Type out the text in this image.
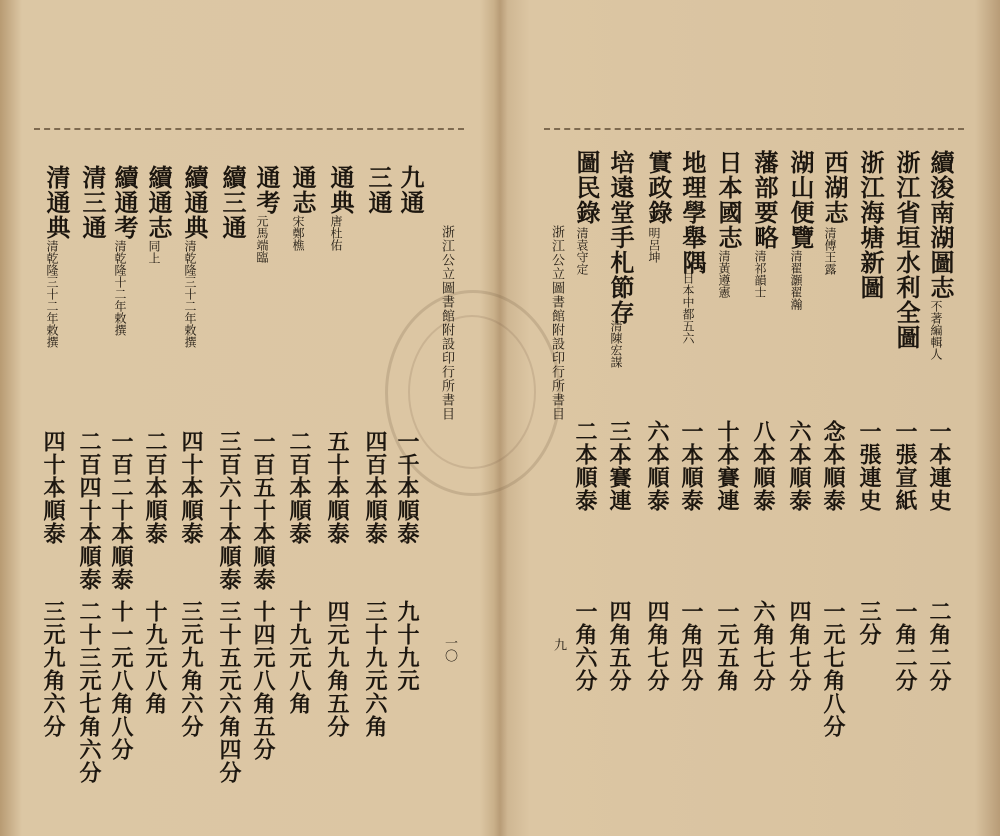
浙江公立圖書館附設印行所書目

一〇

九通

一千本順泰

九十九元

三通

四百本順泰

三十九元六角

通典

唐杜佑

五十本順泰

四元九角五分

通志

宋鄭樵

二百本順泰

十九元八角

通考

元馬端臨

一百五十本順泰

十四元八角五分

續三通

三百六十本順泰

三十五元六角四分

續通典

清乾隆三十二年敕撰

四十本順泰

三元九角六分

續通志

同上

二百本順泰

十九元八角

續通考

清乾隆十二年敕撰

一百二十本順泰

十一元八角八分

清三通

二百四十本順泰

二十三元七角六分

清通典

清乾隆三十二年敕撰

四十本順泰

三元九角六分

浙江公立圖書館附設印行所書目

九

續浚南湖圖志

不著編輯人

一本連史

二角二分

浙江省垣水利全圖

一張宣紙

一角二分

浙江海塘新圖

一張連史

三分

西湖志

清傅王露

念本順泰

一元七角八分

湖山便覽

清翟灝翟瀚

六本順泰

四角七分

藩部要略

清祁韻士

八本順泰

六角七分

日本國志

清黃遵憲

十本賽連

一元五角

地理學舉隅

日本中都五六

一本順泰

一角四分

實政錄

明呂坤

六本順泰

四角七分

培遠堂手札節存

清陳宏謀

三本賽連

四角五分

圖民錄

清袁守定

二本順泰

一角六分
